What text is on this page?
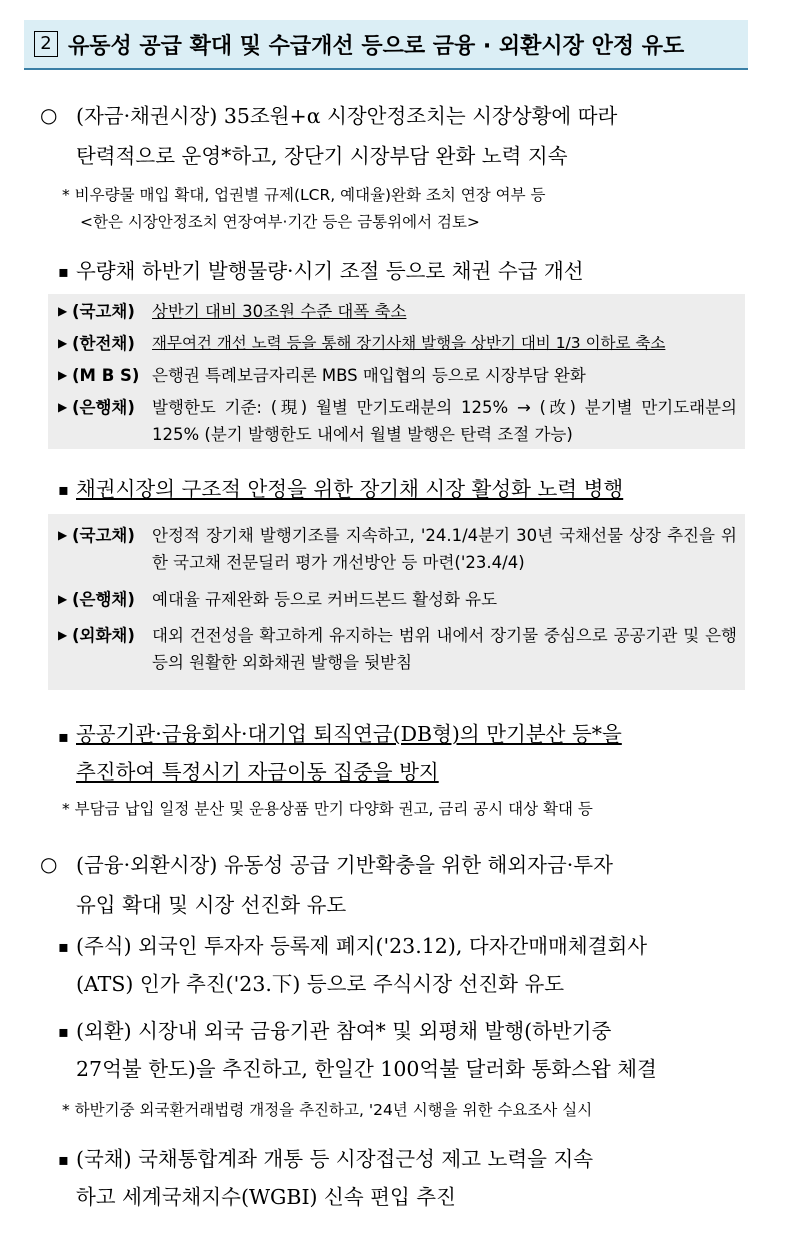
2 유동성 공급 확대 및 수급개선 등으로 금융 · 외환시장 안정 유도
○ (자금·채권시장) 35조원+α 시장안정조치는 시장상황에 따라
탄력적으로 운영*하고, 장단기 시장부담 완화 노력 지속
* 비우량물 매입 확대, 업권별 규제(LCR, 예대율)완화 조치 연장 여부 등
<한은 시장안정조치 연장여부·기간 등은 금통위에서 검토>
▪ 우량채 하반기 발행물량·시기 조절 등으로 채권 수급 개선
▶ (국고채) 상반기 대비 30조원 수준 대폭 축소
▶ (한전채) 재무여건 개선 노력 등을 통해 장기사채 발행을 상반기 대비 1/3 이하로 축소
▶ (M B S) 은행권 특례보금자리론 MBS 매입협의 등으로 시장부담 완화
▶ (은행채) 발행한도 기준: (現) 월별 만기도래분의 125% → (改) 분기별 만기도래분의 125% (분기 발행한도 내에서 월별 발행은 탄력 조절 가능)
▪ 채권시장의 구조적 안정을 위한 장기채 시장 활성화 노력 병행
▶ (국고채) 안정적 장기채 발행기조를 지속하고, '24.1/4분기 30년 국채선물 상장 추진을 위한 국고채 전문딜러 평가 개선방안 등 마련('23.4/4)
▶ (은행채) 예대율 규제완화 등으로 커버드본드 활성화 유도
▶ (외화채) 대외 건전성을 확고하게 유지하는 범위 내에서 장기물 중심으로 공공기관 및 은행 등의 원활한 외화채권 발행을 뒷받침
▪ 공공기관·금융회사·대기업 퇴직연금(DB형)의 만기분산 등*을
추진하여 특정시기 자금이동 집중을 방지
* 부담금 납입 일정 분산 및 운용상품 만기 다양화 권고, 금리 공시 대상 확대 등
○ (금융·외환시장) 유동성 공급 기반확충을 위한 해외자금·투자
유입 확대 및 시장 선진화 유도
▪ (주식) 외국인 투자자 등록제 폐지('23.12), 다자간매매체결회사
(ATS) 인가 추진('23.下) 등으로 주식시장 선진화 유도
▪ (외환) 시장내 외국 금융기관 참여* 및 외평채 발행(하반기중
27억불 한도)을 추진하고, 한일간 100억불 달러화 통화스왑 체결
* 하반기중 외국환거래법령 개정을 추진하고, '24년 시행을 위한 수요조사 실시
▪ (국채) 국채통합계좌 개통 등 시장접근성 제고 노력을 지속
하고 세계국채지수(WGBI) 신속 편입 추진
